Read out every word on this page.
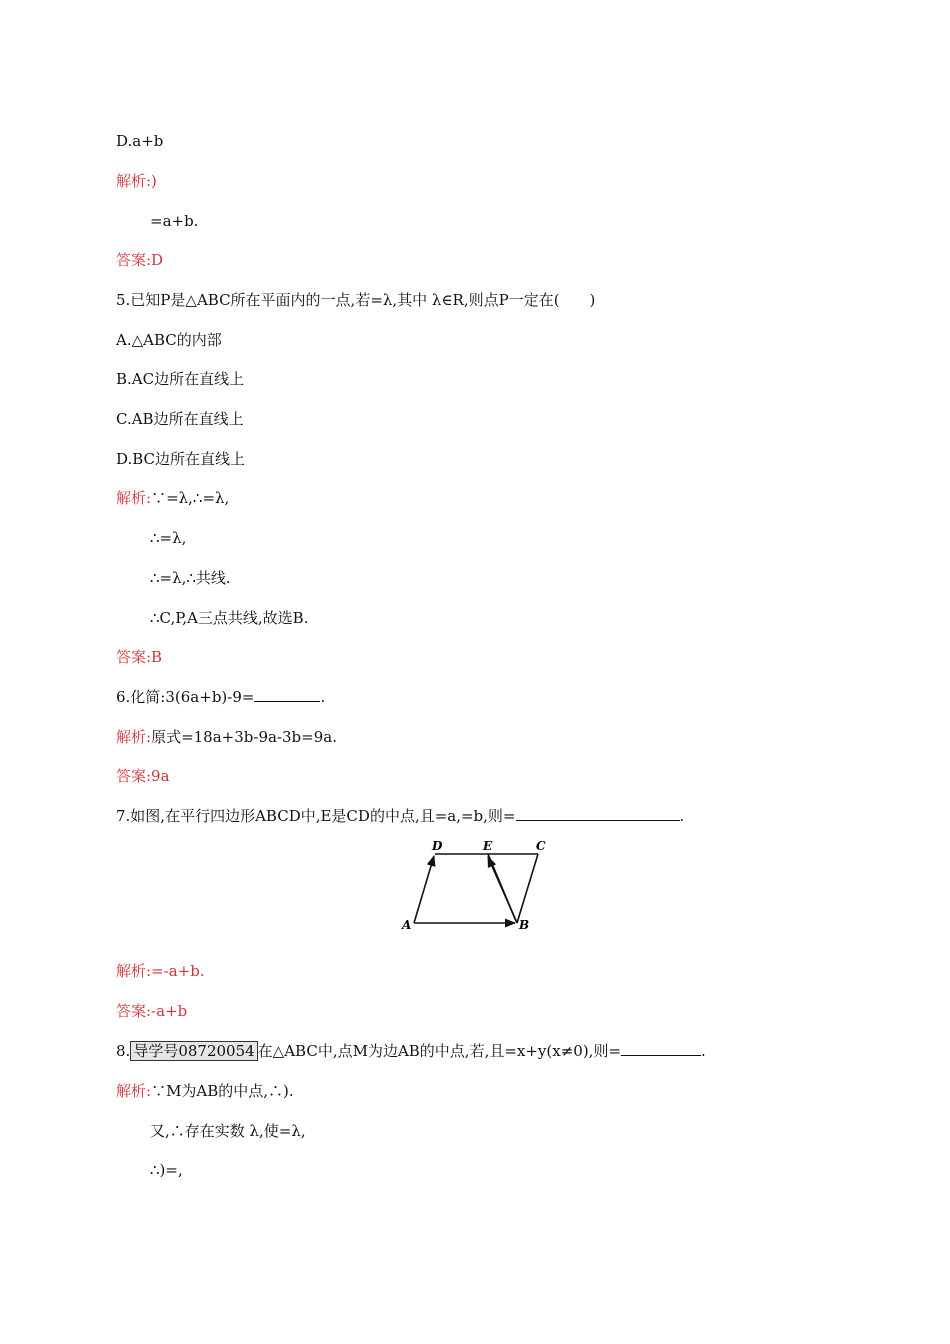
D.a+b
解析:)
=a+b.
答案:D
5.已知P是△ABC所在平面内的一点,若=λ,其中 λ∈R,则点P一定在(　　)
A.△ABC的内部
B.AC边所在直线上
C.AB边所在直线上
D.BC边所在直线上
解析:∵=λ,∴=λ,
∴=λ,
∴=λ,∴共线.
∴C,P,A三点共线,故选B.
答案:B
6.化简:3(6a+b)-9=	.
解析:原式=18a+3b-9a-3b=9a.
答案:9a
7.如图,在平行四边形ABCD中,E是CD的中点,且=a,=b,则=	.
D	E	C
A	B
解析:=-a+b.
答案:-a+b
8. 导学号08720054 在△ABC中,点M为边AB的中点,若,且=x+y(x≠0),则=	.
解析:∵M为AB的中点,∴).
又,∴存在实数 λ,使=λ,
∴)=,
